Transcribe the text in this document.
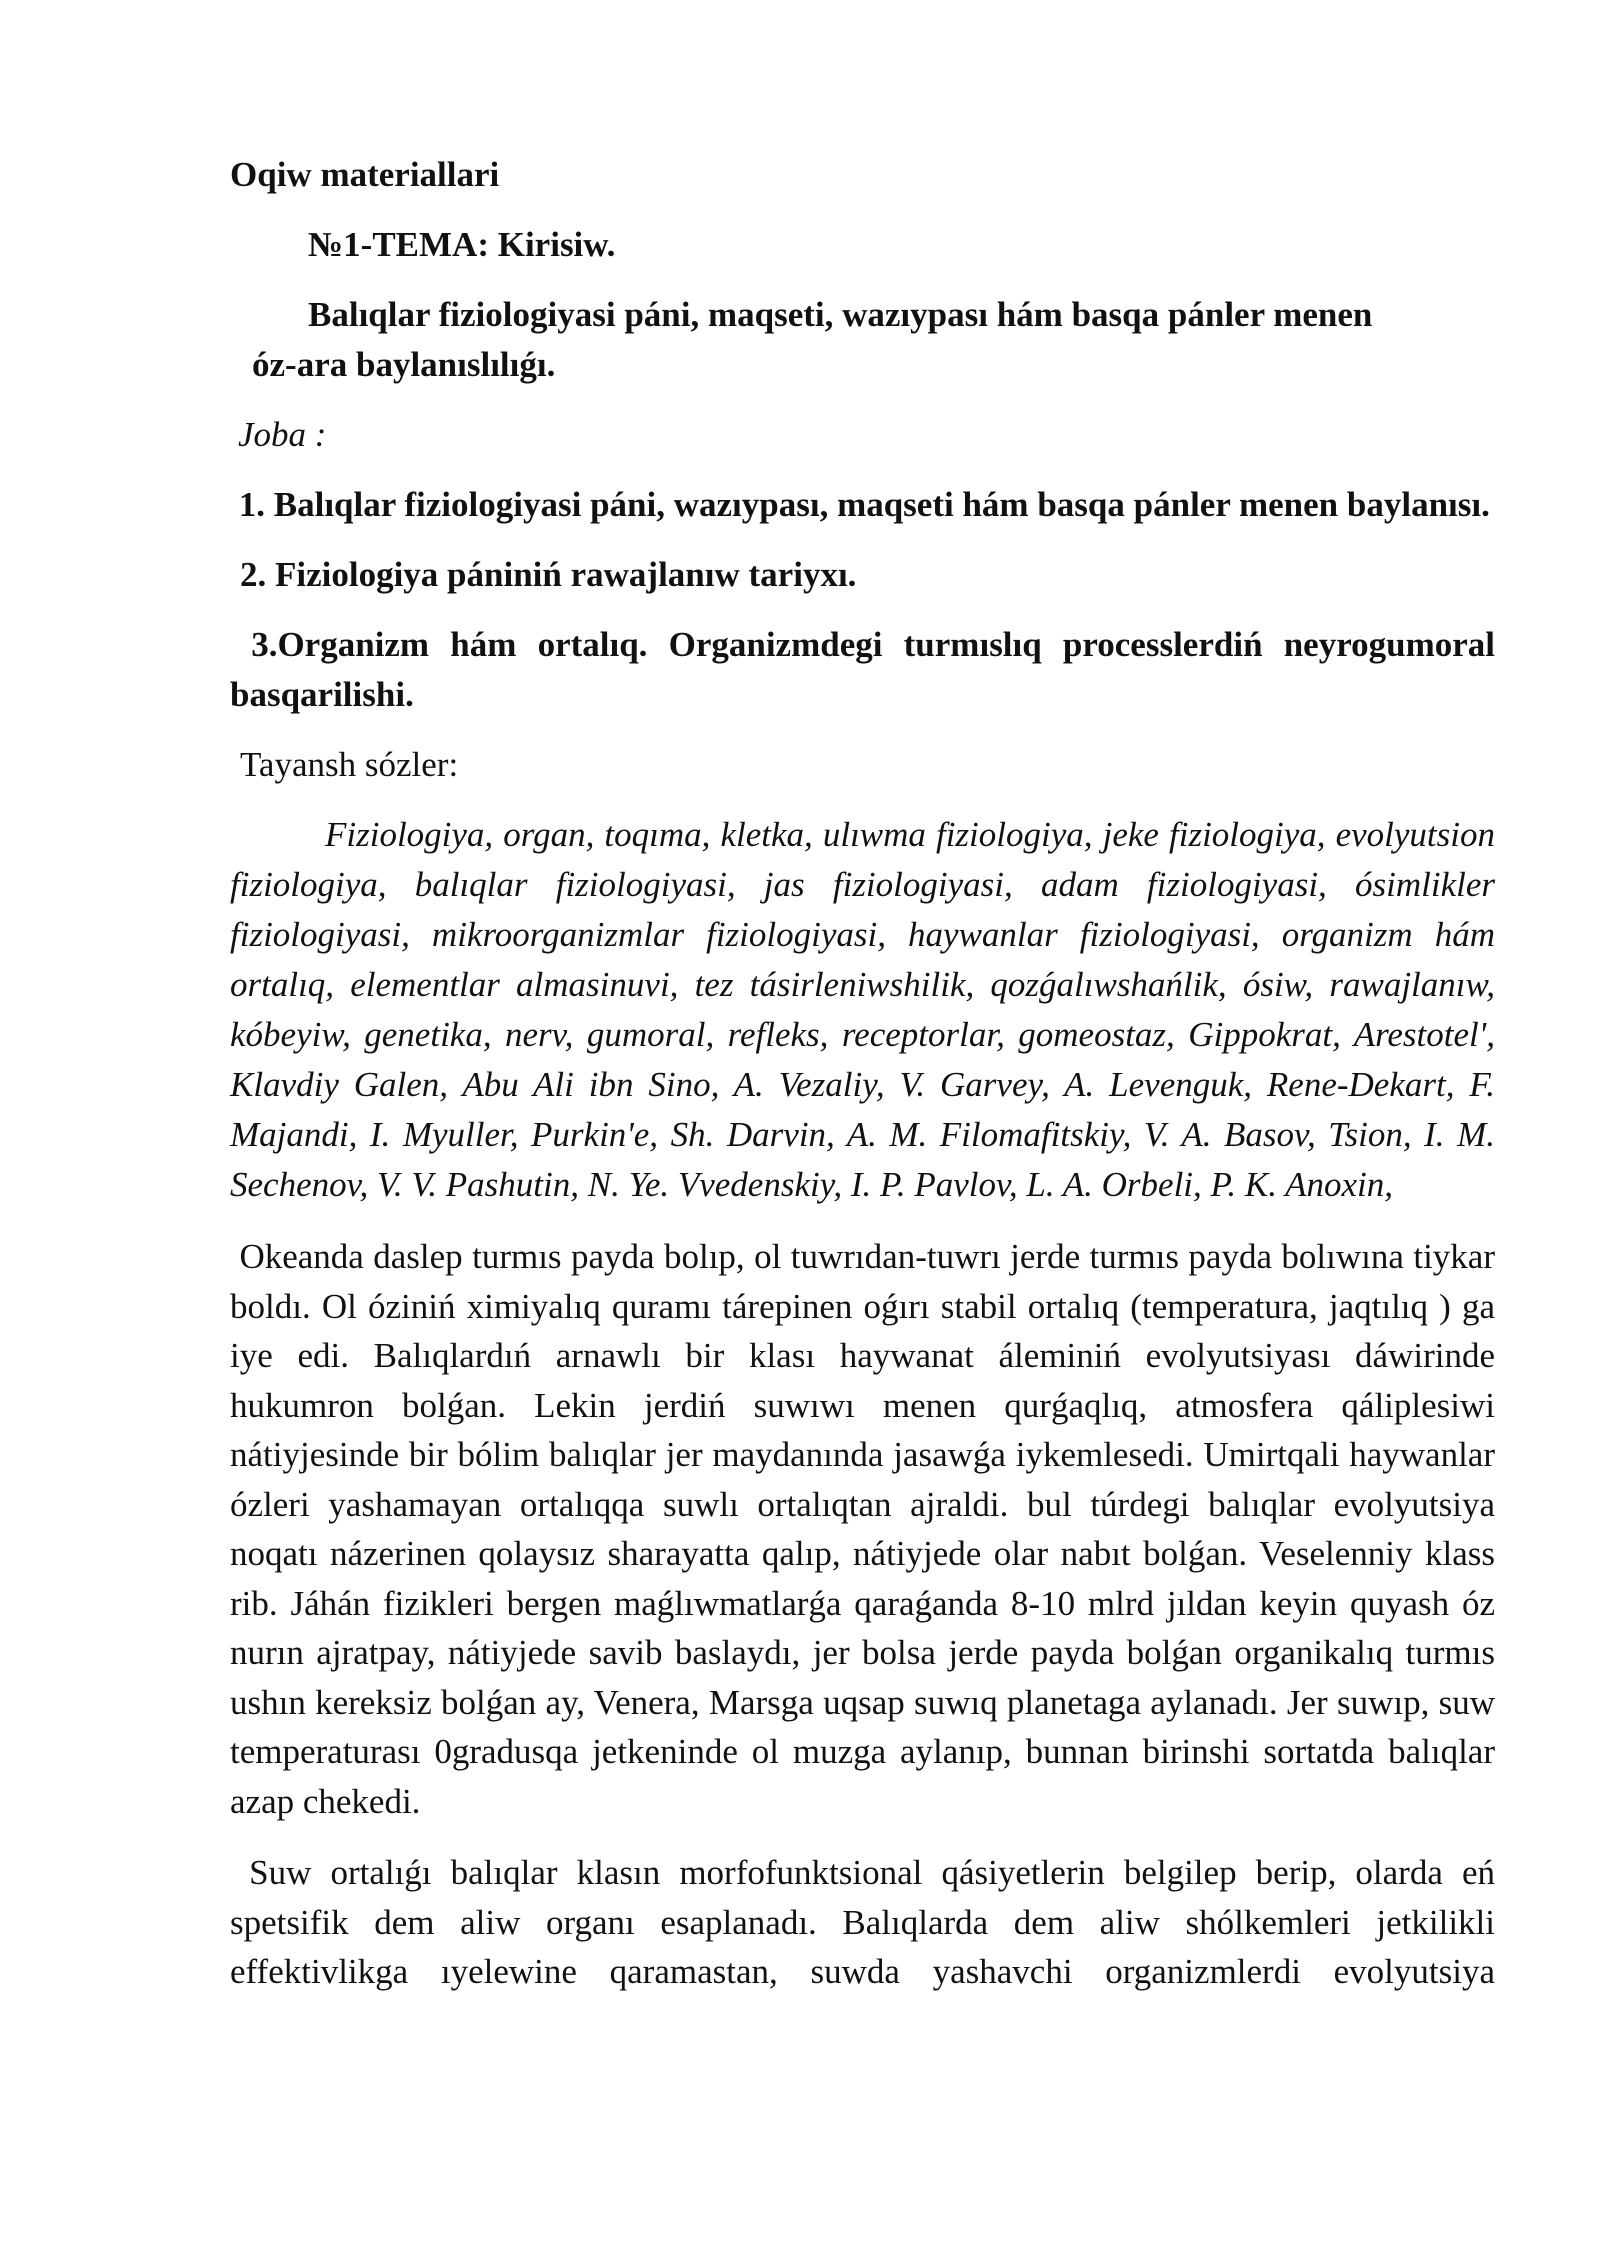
Oqiw materiallari

№1-TEMA: Kirisiw.

Balıqlar fiziologiyasi páni, maqseti, wazıypası hám basqa pánler menen
óz-ara baylanıslılıǵı.

Joba :

1. Balıqlar fiziologiyasi páni, wazıypası, maqseti hám basqa pánler menen baylanısı.

2. Fiziologiya pániniń rawajlanıw tariyxı.

3.Organizm hám ortalıq. Organizmdegi turmıslıq processlerdiń neyrogumoral basqarilishi.

Tayansh sózler:

Fiziologiya, organ, toqıma, kletka, ulıwma fiziologiya, jeke fiziologiya, evolyutsion fiziologiya, balıqlar fiziologiyasi, jas fiziologiyasi, adam fiziologiyasi, ósimlikler fiziologiyasi, mikroorganizmlar fiziologiyasi, haywanlar fiziologiyasi, organizm hám ortalıq, elementlar almasinuvi, tez tásirleniwshilik, qozǵalıwshańlik, ósiw, rawajlanıw, kóbeyiw, genetika, nerv, gumoral, refleks, receptorlar, gomeostaz, Gippokrat, Arestotel', Klavdiy Galen, Abu Ali ibn Sino, A. Vezaliy, V. Garvey, A. Levenguk, Rene-Dekart, F. Majandi, I. Myuller, Purkin'e, Sh. Darvin, A. M. Filomafitskiy, V. A. Basov, Tsion, I. M. Sechenov, V. V. Pashutin, N. Ye. Vvedenskiy, I. P. Pavlov, L. A. Orbeli, P. K. Anoxin,

Okeanda daslep turmıs payda bolıp, ol tuwrıdan-tuwrı jerde turmıs payda bolıwına tiykar boldı. Ol óziniń ximiyalıq quramı tárepinen oǵırı stabil ortalıq (temperatura, jaqtılıq ) ga iye edi. Balıqlardıń arnawlı bir klası haywanat áleminiń evolyutsiyası dáwirinde hukumron bolǵan. Lekin jerdiń suwıwı menen qurǵaqlıq, atmosfera qáliplesiwi nátiyjesinde bir bólim balıqlar jer maydanında jasawǵa iykemlesedi. Umirtqali haywanlar ózleri yashamayan ortalıqqa suwlı ortalıqtan ajraldi. bul túrdegi balıqlar evolyutsiya noqatı názerinen qolaysız sharayatta qalıp, nátiyjede olar nabıt bolǵan. Veselenniy klass rib. Jáhán fizikleri bergen maǵlıwmatlarǵa qaraǵanda 8-10 mlrd jıldan keyin quyash óz nurın ajratpay, nátiyjede savib baslaydı, jer bolsa jerde payda bolǵan organikalıq turmıs ushın kereksiz bolǵan ay, Venera, Marsga uqsap suwıq planetaga aylanadı. Jer suwıp, suw temperaturası 0gradusqa jetkeninde ol muzga aylanıp, bunnan birinshi sortatda balıqlar azap chekedi.

Suw ortalıǵı balıqlar klasın morfofunktsional qásiyetlerin belgilep berip, olarda eń spetsifik dem aliw organı esaplanadı. Balıqlarda dem aliw shólkemleri jetkilikli effektivlikga ıyelewine qaramastan, suwda yashavchi organizmlerdi evolyutsiya
